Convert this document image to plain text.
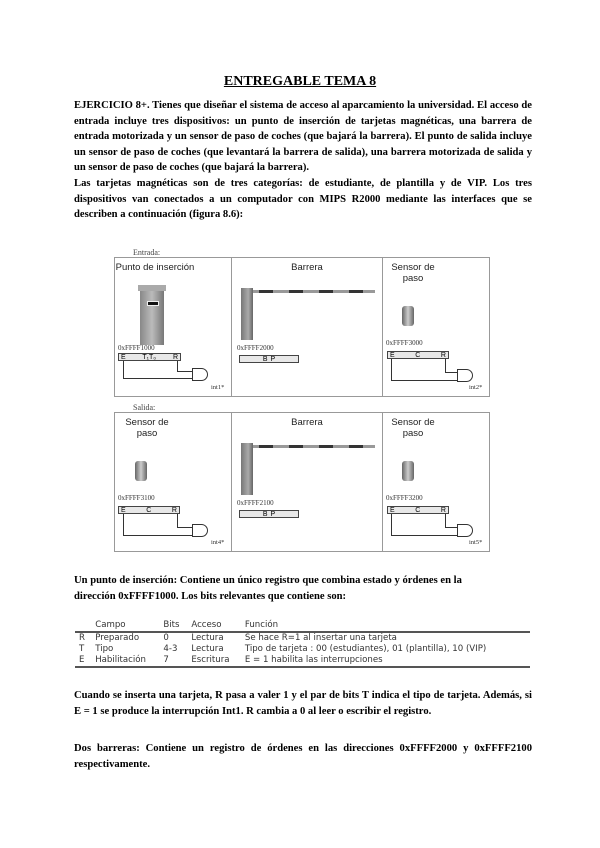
ENTREGABLE TEMA 8
EJERCICIO 8+. Tienes que diseñar el sistema de acceso al aparcamiento la universidad. El acceso de entrada incluye tres dispositivos: un punto de inserción de tarjetas magnéticas, una barrera de entrada motorizada y un sensor de paso de coches (que bajará la barrera). El punto de salida incluye un sensor de paso de coches (que levantará la barrera de salida), una barrera motorizada de salida y un sensor de paso de coches (que bajará la barrera).
Las tarjetas magnéticas son de tres categorías: de estudiante, de plantilla y de VIP. Los tres dispositivos van conectados a un computador con MIPS R2000 mediante las interfaces que se describen a continuación (figura 8.6):
Entrada:
Punto de inserción
0xFFFF1000
E T₁T₀ R
int1*
Barrera
0xFFFF2000
B P
Sensor de paso
0xFFFF3000
E	C	R
int2*
Salida:
Sensor de paso
0xFFFF3100
E	C	R
int4*
Barrera
0xFFFF2100
B P
Sensor de paso
0xFFFF3200
E	C	R
int5*
Un punto de inserción: Contiene un único registro que combina estado y órdenes en la dirección 0xFFFF1000. Los bits relevantes que contiene son:
	Campo	Bits	Acceso	Función
R	Preparado	0	Lectura	Se hace R=1 al insertar una tarjeta
T	Tipo	4-3	Lectura	Tipo de tarjeta : 00 (estudiantes), 01 (plantilla), 10 (VIP)
E	Habilitación	7	Escritura	E = 1 habilita las interrupciones
Cuando se inserta una tarjeta, R pasa a valer 1 y el par de bits T indica el tipo de tarjeta. Además, si E = 1 se produce la interrupción Int1. R cambia a 0 al leer o escribir el registro.
Dos barreras: Contiene un registro de órdenes en las direcciones 0xFFFF2000 y 0xFFFF2100 respectivamente.
